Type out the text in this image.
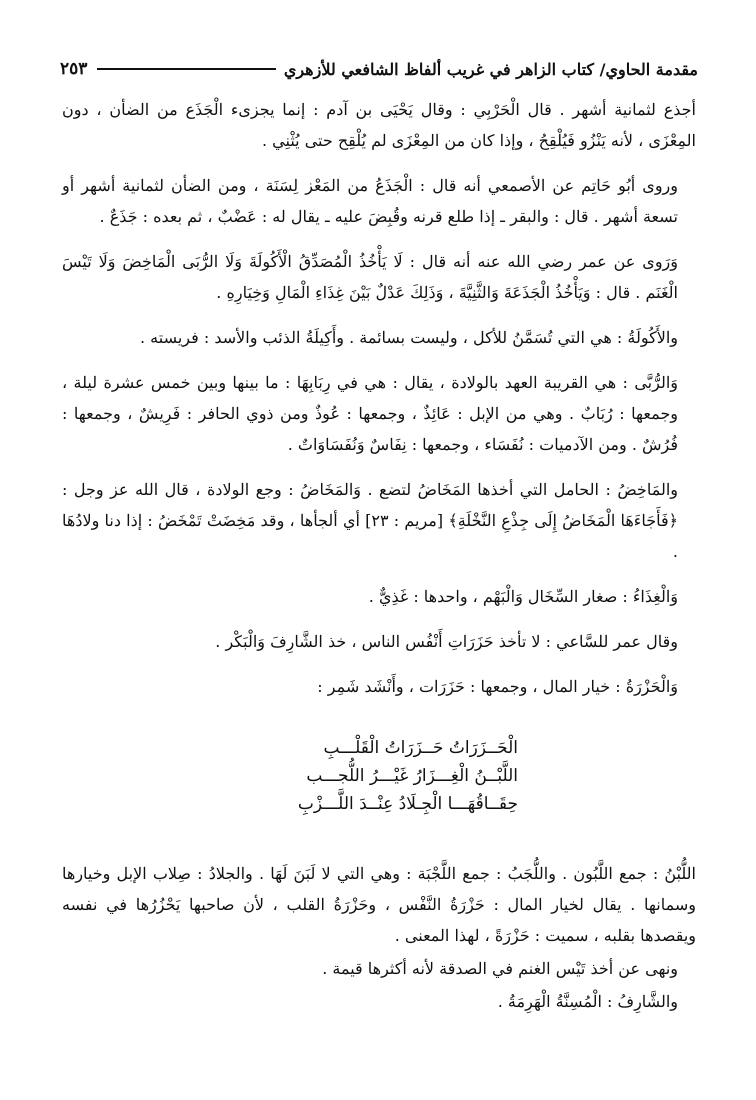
مقدمة الحاوي/ كتاب الزاهر في غريب ألفاظ الشافعي للأزهري
٢٥٣

أجذع لثمانية أشهر . قال الْحَرْبِي : وقال يَحْيَى بن آدم : إنما يجزىء الْجَذَع من الضأن ، دون المِعْزَى ، لأنه يَنْزُو فَيُلْقِحُ ، وإذا كان من المِعْزَى لم يُلْقِح حتى يُثْنِي .

وروى أبُو حَاتِم عن الأصمعي أنه قال : الْجَذَعُ من المَعْز لِسَنَة ، ومن الضأن لثمانية أشهر أو تسعة أشهر . قال : والبقر ـ إذا طلع قرنه وقُبِضَ عليه ـ يقال له : عَضْبٌ ، ثم بعده : جَذَعٌ .

وَرَوى عن عمر رضي الله عنه أنه قال : لَا يَأْخُذُ الْمُصَدِّقُ الْأَكُولَةَ وَلَا الرُّبَى الْمَاخِضَ وَلَا تَيْسَ الْغَنَم . قال : وَيَأْخُذُ الْجَذَعَةَ وَالثَّنِيَّةَ ، وَذَلِكَ عَدْلٌ بَيْنَ غِذَاءِ الْمَالِ وَخِيَارِهِ .

والأَكُولَةُ : هي التي تُسَمَّنُ للأكل ، وليست بسائمة . وأَكِيلَةُ الذئب والأسد : فريسته .

وَالرُّبَّى : هي القريبة العهد بالولادة ، يقال : هي في رِبَابِهَا : ما بينها وبين خمس عشرة ليلة ، وجمعها : رُبَابٌ . وهي من الإبل : عَائِذٌ ، وجمعها : عُوذٌ ومن ذوي الحافر : فَرِيشٌ ، وجمعها : فُرُشٌ . ومن الآدميات : نُفَسَاء ، وجمعها : نِفَاسٌ وَنُفَسَاوَاتٌ .

والمَاخِضُ : الحامل التي أخذها المَخَاضُ لتضع . وَالمَخَاضُ : وجع الولادة ، قال الله عز وجل : ﴿فَأَجَاءَهَا الْمَخَاضُ إِلَى جِذْعِ النَّخْلَةِ﴾ [مريم : ٢٣] أي ألجأها ، وقد مَخِضَتْ تَمْخَضُ : إذا دنا ولادُهَا .

وَالْغِذَاءُ : صغار السِّخَال وَالْبَهْم ، واحدها : غَذِيٌّ .

وقال عمر للسَّاعي : لا تأخذ حَزَرَاتِ أَنْفُس الناس ، خذ الشَّارِفَ وَالْبَكْر .

وَالْحَزْرَةُ : خيار المال ، وجمعها : حَزَرَات ، وأَنْشَد شَمِر :

الْحَــزَرَاتُ حَــزَرَاتُ الْقَلْـــبِ
اللَّبْــنُ الْغِـــزَارُ غَيْـــرُ اللُّجـــب
حِقَــاقُهَـــا الْجِـلَادُ عِنْــدَ اللَّـــزْبِ

اللُّبْنُ : جمع اللَّبُون . واللُّجَبُ : جمع اللَّجْبَة : وهي التي لا لَبَنَ لَهَا . والجلادُ : صِلاب الإبل وخيارها وسمانها . يقال لخيار المال : حَزْرَةُ النَّفْس ، وحَزْرَةُ القلب ، لأن صاحبها يَحْزُرُها في نفسه ويقصدها بقلبه ، سميت : حَزْرَةً ، لهذا المعنى .

ونهى عن أخذ تَيْس الغنم في الصدقة لأنه أكثرها قيمة .

والشَّارِفُ : الْمُسِنَّةُ الْهَرِمَةُ .
